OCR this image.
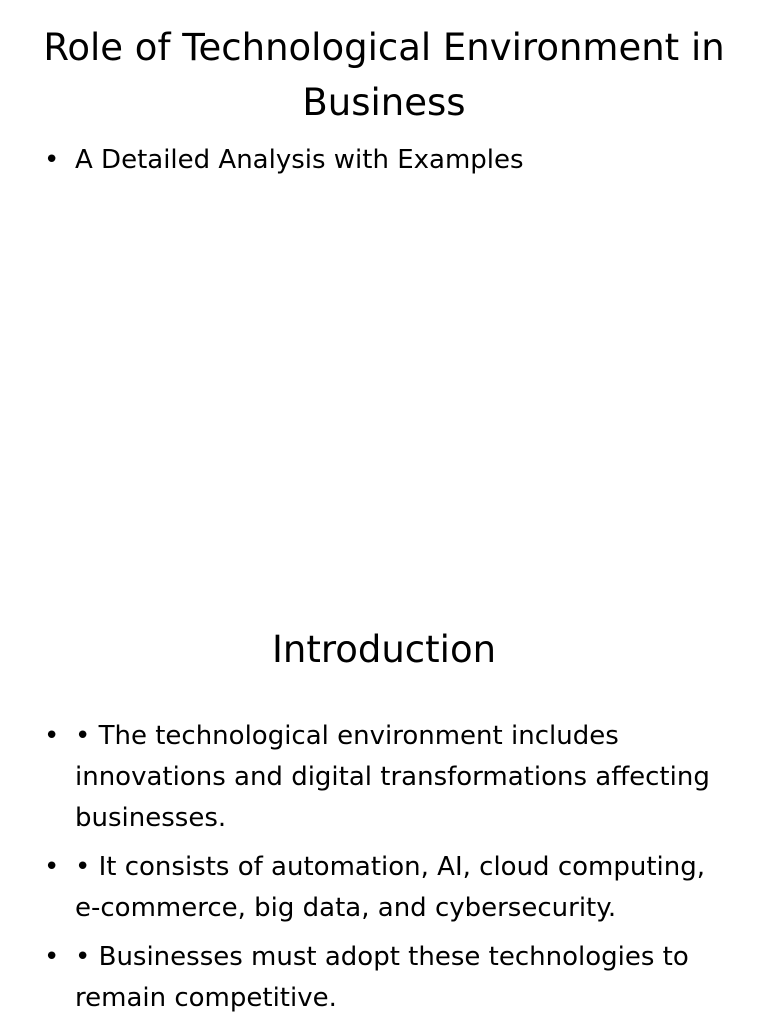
Role of Technological Environment in Business
• A Detailed Analysis with Examples
Introduction
• • The technological environment includes innovations and digital transformations affecting businesses.
• • It consists of automation, AI, cloud computing, e-commerce, big data, and cybersecurity.
• • Businesses must adopt these technologies to remain competitive.
